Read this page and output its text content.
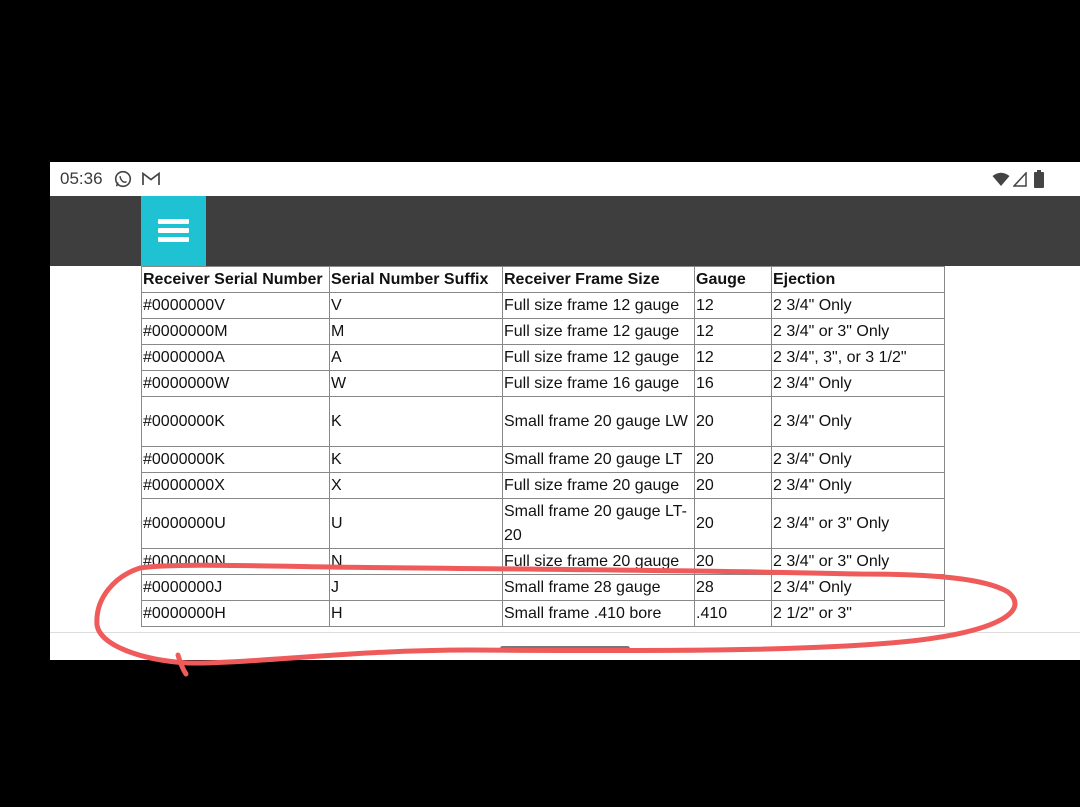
05:36
Receiver Serial Number	Serial Number Suffix	Receiver Frame Size	Gauge	Ejection
#0000000V	V	Full size frame 12 gauge	12	2 3/4" Only
#0000000M	M	Full size frame 12 gauge	12	2 3/4" or 3" Only
#0000000A	A	Full size frame 12 gauge	12	2 3/4", 3", or 3 1/2"
#0000000W	W	Full size frame 16 gauge	16	2 3/4" Only
#0000000K	K	Small frame 20 gauge LW	20	2 3/4" Only
#0000000K	K	Small frame 20 gauge LT	20	2 3/4" Only
#0000000X	X	Full size frame 20 gauge	20	2 3/4" Only
#0000000U	U	Small frame 20 gauge LT-20	20	2 3/4" or 3" Only
#0000000N	N	Full size frame 20 gauge	20	2 3/4" or 3" Only
#0000000J	J	Small frame 28 gauge	28	2 3/4" Only
#0000000H	H	Small frame .410 bore	.410	2 1/2" or 3"
